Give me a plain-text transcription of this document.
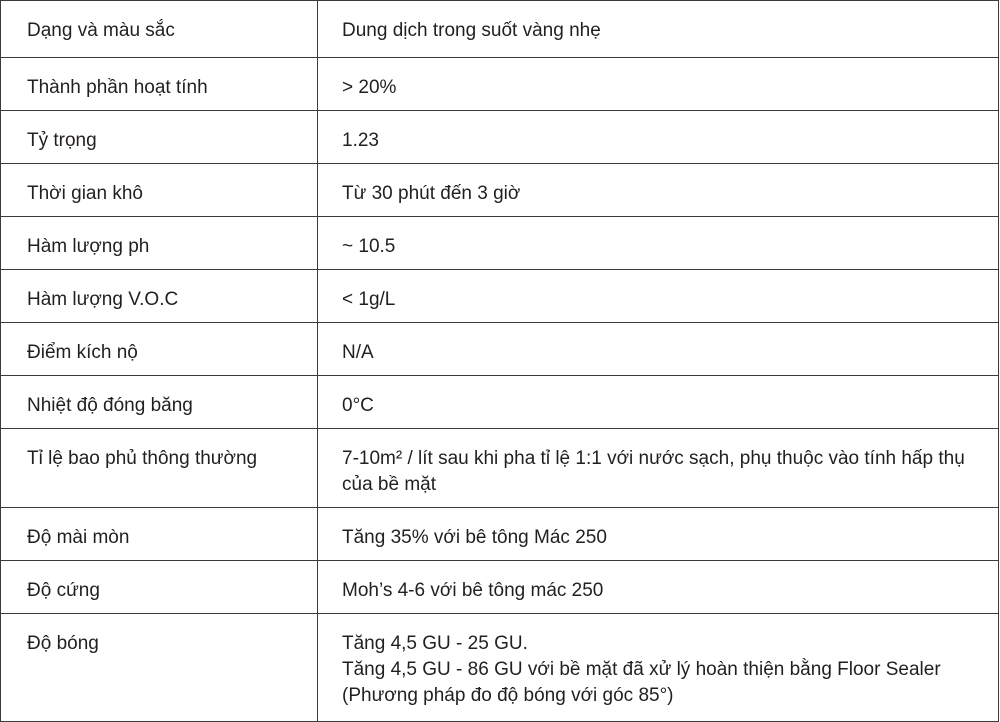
Dạng và màu sắc	Dung dịch trong suốt vàng nhẹ

Thành phần hoạt tính	> 20%

Tỷ trọng	1.23

Thời gian khô	Từ 30 phút đến 3 giờ

Hàm lượng ph	~ 10.5

Hàm lượng V.O.C	< 1g/L

Điểm kích nộ	N/A

Nhiệt độ đóng băng	0°C

Tỉ lệ bao phủ thông thường	7-10m² / lít sau khi pha tỉ lệ 1:1 với nước sạch, phụ thuộc vào tính hấp thụ
của bề mặt

Độ mài mòn	Tăng 35% với bê tông Mác 250

Độ cứng	Moh’s 4-6 với bê tông mác 250

Độ bóng	Tăng 4,5 GU - 25 GU.
Tăng 4,5 GU - 86 GU với bề mặt đã xử lý hoàn thiện bằng Floor Sealer
(Phương pháp đo độ bóng với góc 85°)
